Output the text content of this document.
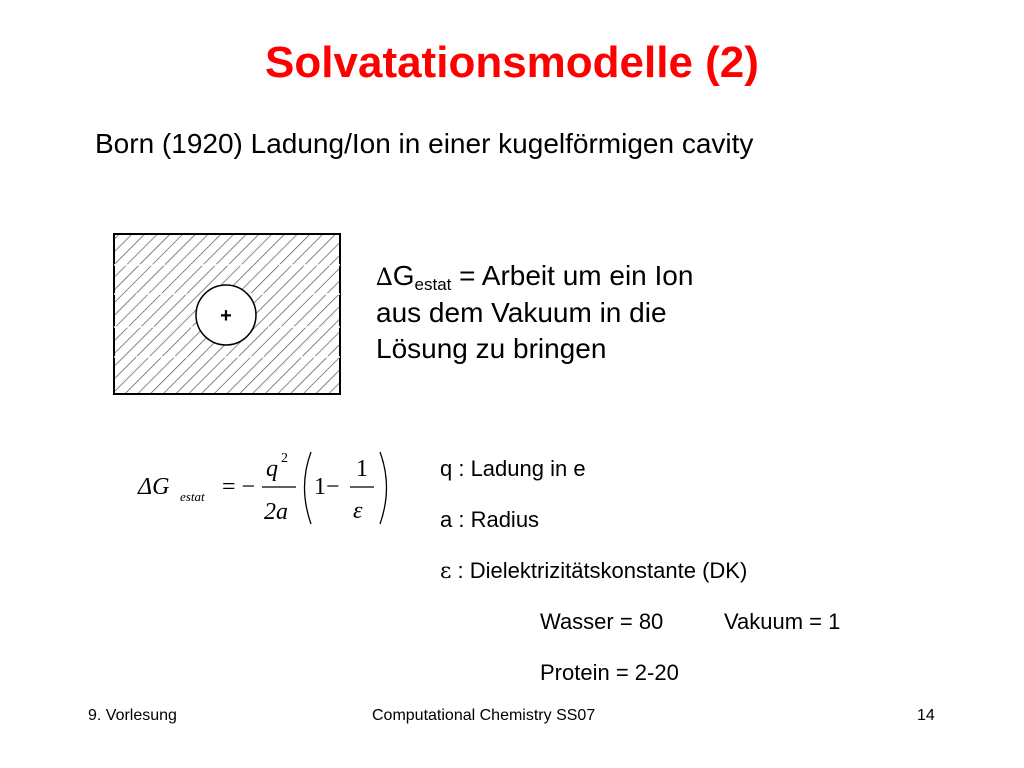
Solvatationsmodelle (2)
Born (1920) Ladung/Ion in einer kugelförmigen cavity
+
$\Delta G_{estat}$ = Arbeit um ein Ion
aus dem Vakuum in die
Lösung zu bringen
ΔG estat = −
q 2
2a
1−
1
ε
q : Ladung in e
a : Radius
ε : Dielektrizitätskonstante (DK)
Wasser = 80	Vakuum = 1
Protein = 2-20
9. Vorlesung	Computational Chemistry SS07	14
